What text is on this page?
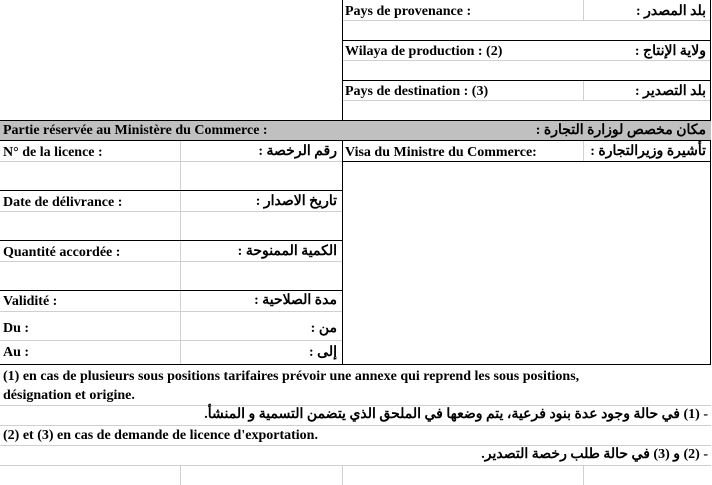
Pays de provenance :	بلد المصدر :
Wilaya de production : (2)	ولاية الإنتاج :
Pays de destination : (3)	بلد التصدير :
Partie réservée au Ministère du Commerce :	مكان مخصص لوزارة التجارة :
N° de la licence :	رقم الرخصة :
Date de délivrance :	تاريخ الاصدار :
Quantité accordée :	الكمية الممنوحة :
Validité :	مدة الصلاحية :
Du :	من :
Au :	إلى :
Visa du Ministre du Commerce:	تأشيرة وزيرالتجارة :
(1) en cas de plusieurs sous positions tarifaires prévoir une annexe qui reprend les sous positions,
désignation et origine.
- (1) في حالة وجود عدة بنود فرعية، يتم وضعها في الملحق الذي يتضمن التسمية و المنشأ.
(2) et (3) en cas de demande de licence d'exportation.
- (2) و (3) في حالة طلب رخصة التصدير.
